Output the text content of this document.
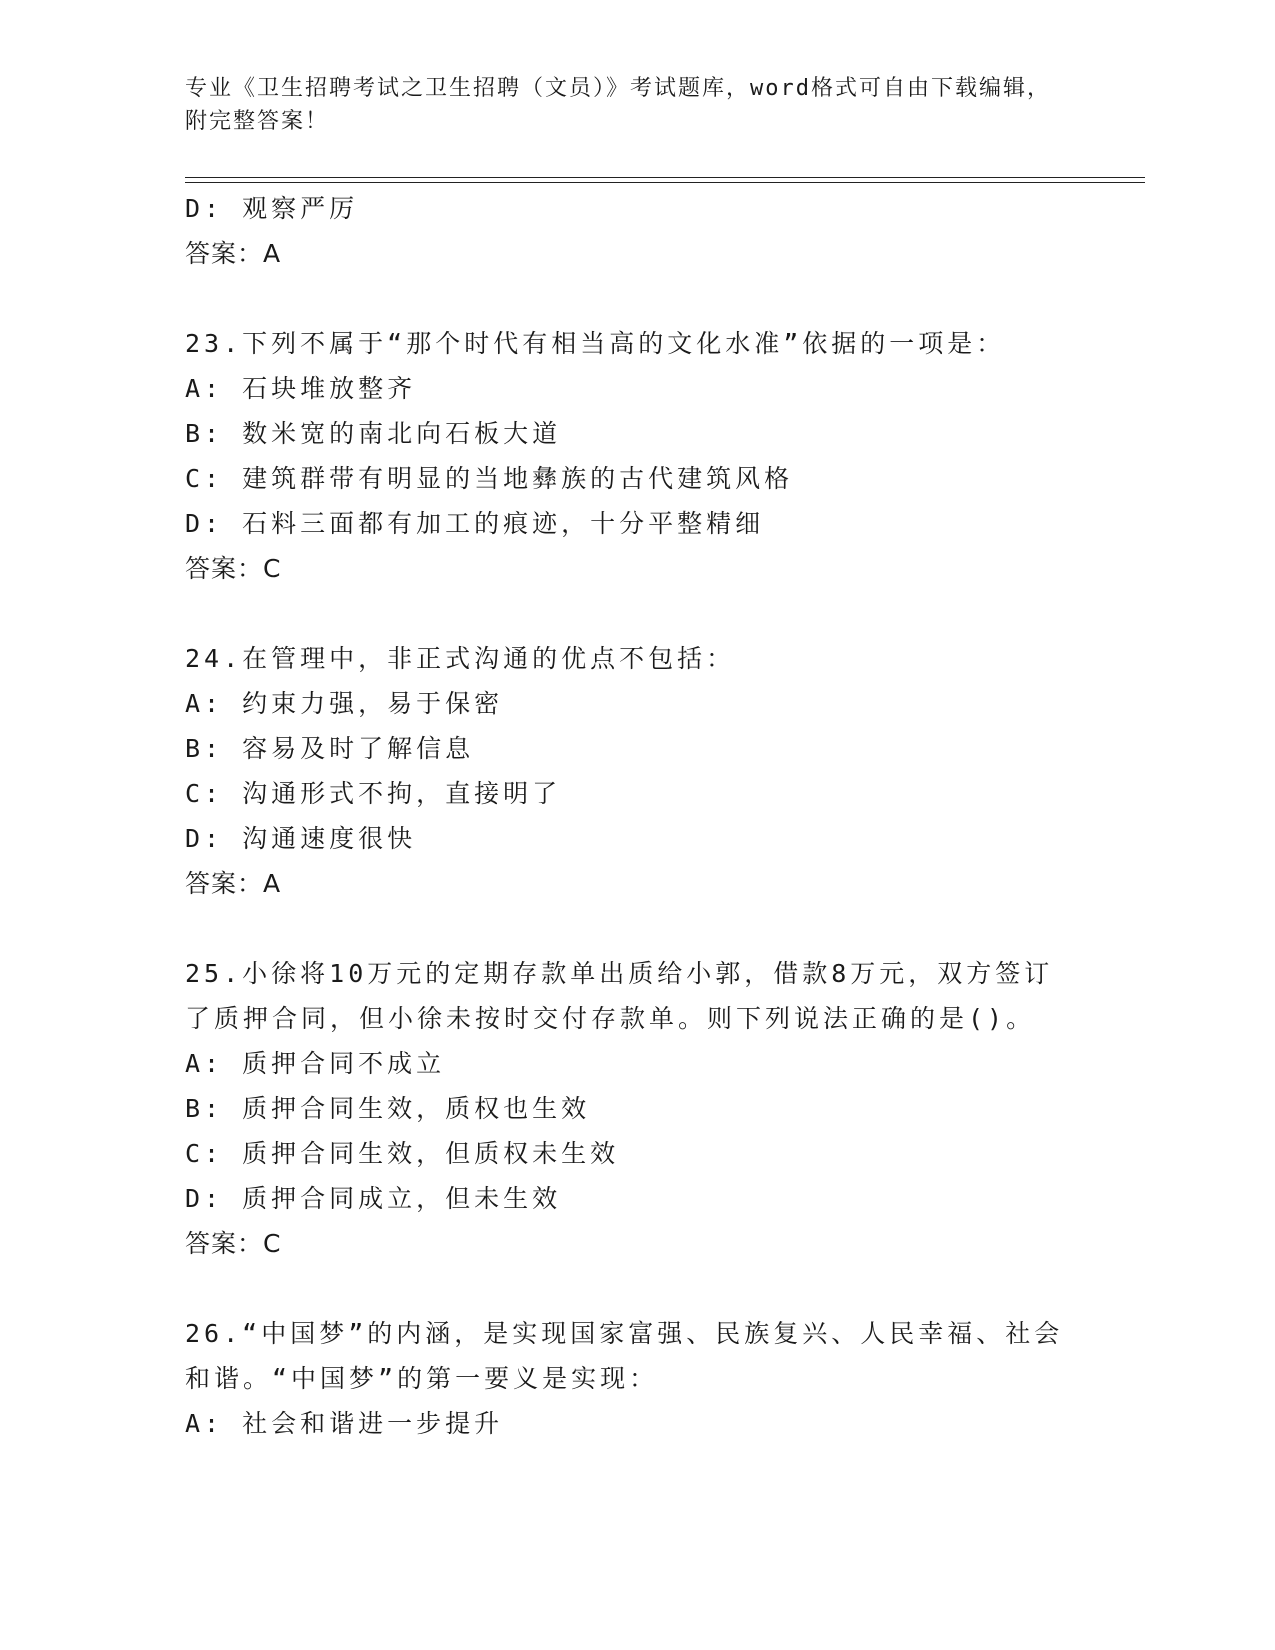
专业《卫生招聘考试之卫生招聘（文员）》考试题库，word格式可自由下载编辑，附完整答案！
D: 观察严厉
答案：A
23.下列不属于“那个时代有相当高的文化水准”依据的一项是：
A: 石块堆放整齐
B: 数米宽的南北向石板大道
C: 建筑群带有明显的当地彝族的古代建筑风格
D: 石料三面都有加工的痕迹，十分平整精细
答案：C
24.在管理中，非正式沟通的优点不包括：
A: 约束力强，易于保密
B: 容易及时了解信息
C: 沟通形式不拘，直接明了
D: 沟通速度很快
答案：A
25.小徐将10万元的定期存款单出质给小郭，借款8万元，双方签订了质押合同，但小徐未按时交付存款单。则下列说法正确的是()。
A: 质押合同不成立
B: 质押合同生效，质权也生效
C: 质押合同生效，但质权未生效
D: 质押合同成立，但未生效
答案：C
26.“中国梦”的内涵，是实现国家富强、民族复兴、人民幸福、社会和谐。“中国梦”的第一要义是实现：
A: 社会和谐进一步提升
